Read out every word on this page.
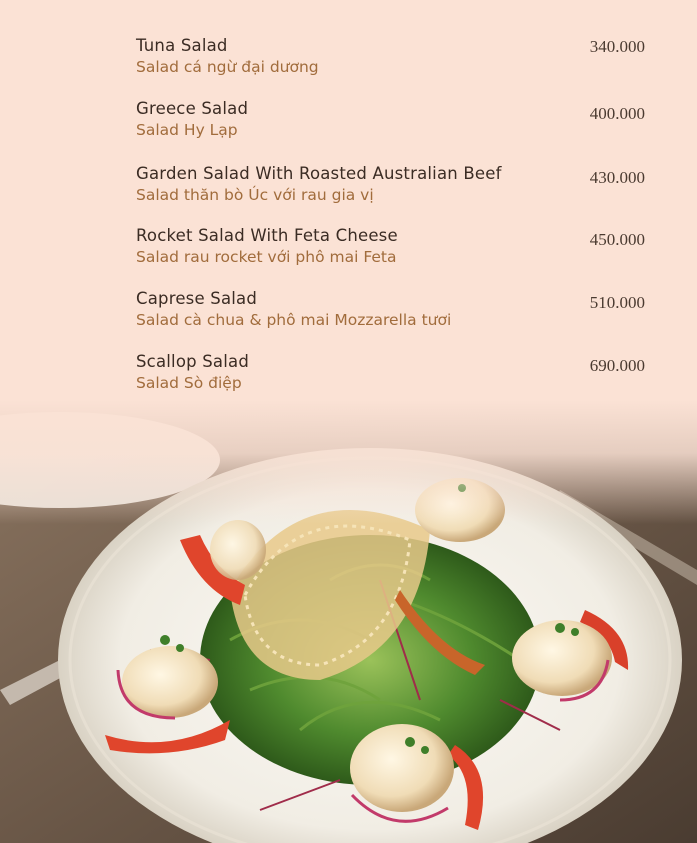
Tuna Salad
Salad cá ngừ đại dương
340.000
Greece Salad
Salad Hy Lạp
400.000
Garden Salad With Roasted Australian Beef
Salad thăn bò Úc với rau gia vị
430.000
Rocket Salad With Feta Cheese
Salad rau rocket với phô mai Feta
450.000
Caprese Salad
Salad cà chua & phô mai Mozzarella tươi
510.000
Scallop Salad
Salad Sò điệp
690.000
